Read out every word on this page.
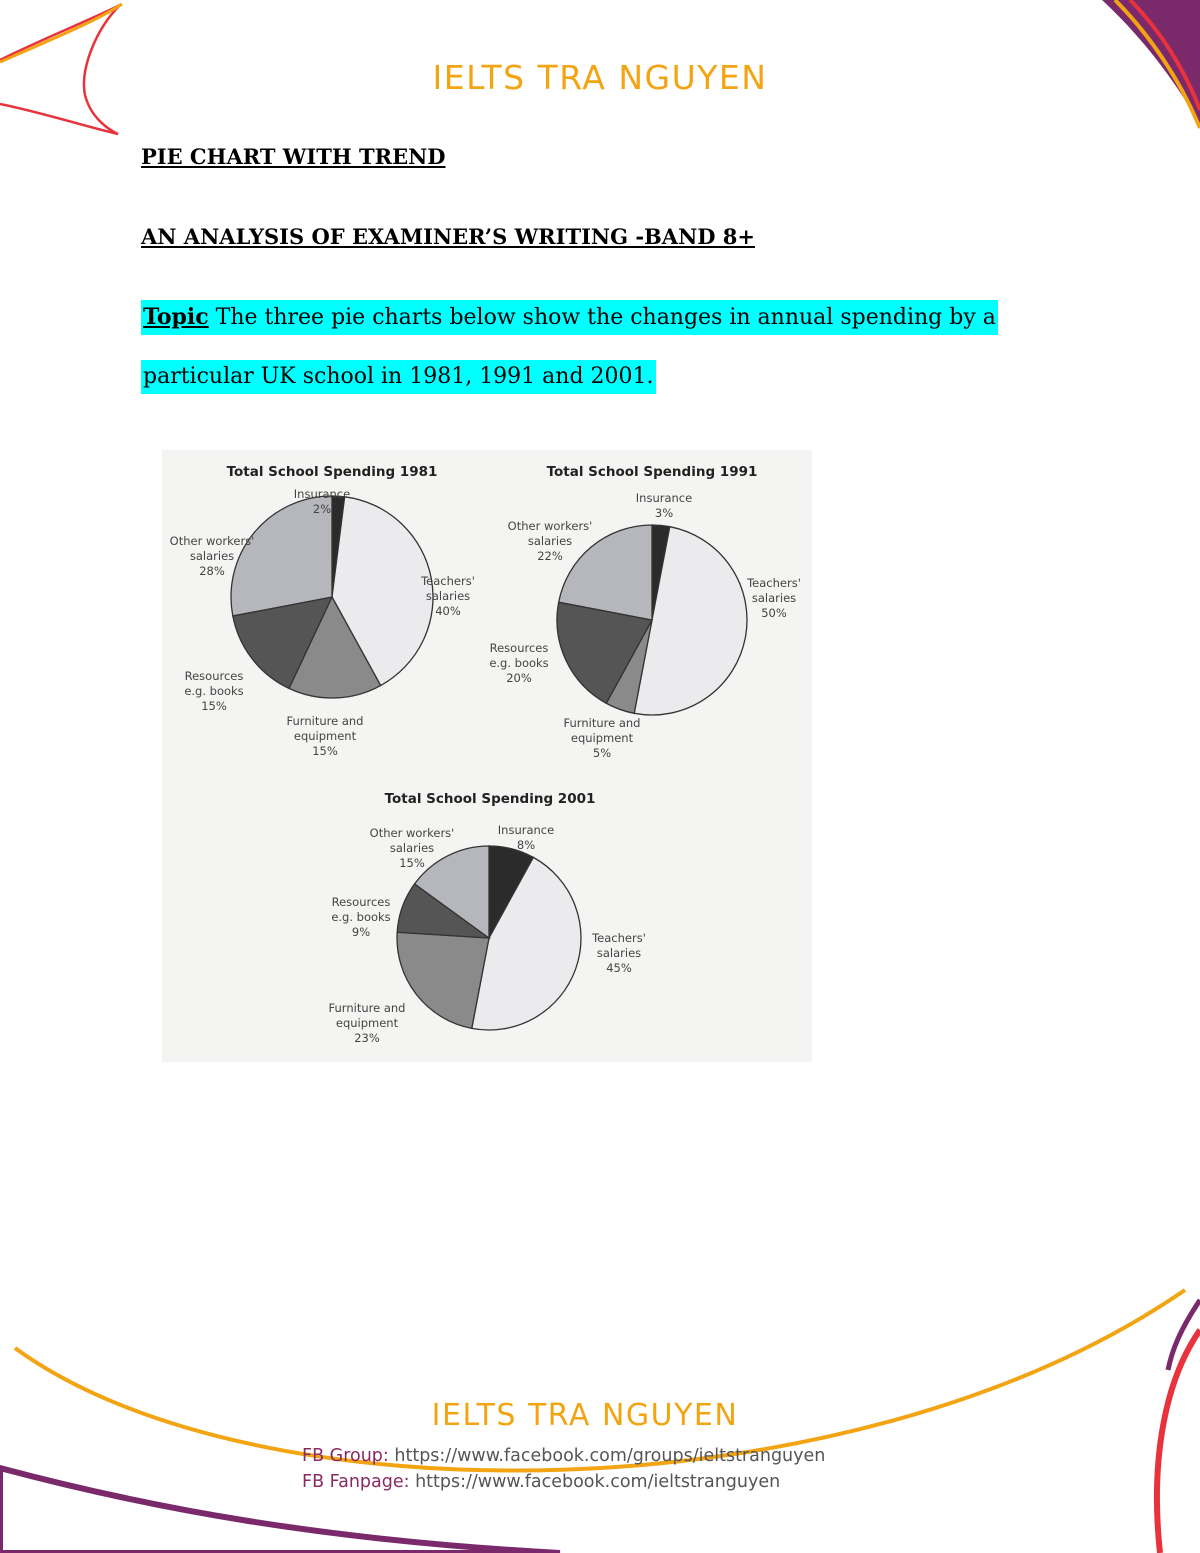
IELTS TRA NGUYEN
PIE CHART WITH TREND
AN ANALYSIS OF EXAMINER’S WRITING -BAND 8+
Topic The three pie charts below show the changes in annual spending by a
particular UK school in 1981, 1991 and 2001.
Total School Spending 1981
Insurance 2%
Teachers' salaries 40%
Furniture and equipment 15%
Resources e.g. books 15%
Other workers' salaries 28%
Total School Spending 1991
Insurance 3%
Teachers' salaries 50%
Furniture and equipment 5%
Resources e.g. books 20%
Other workers' salaries 22%
Total School Spending 2001
Insurance 8%
Teachers' salaries 45%
Furniture and equipment 23%
Resources e.g. books 9%
Other workers' salaries 15%
IELTS TRA NGUYEN
FB Group: https://www.facebook.com/groups/ieltstranguyen
FB Fanpage: https://www.facebook.com/ieltstranguyen
